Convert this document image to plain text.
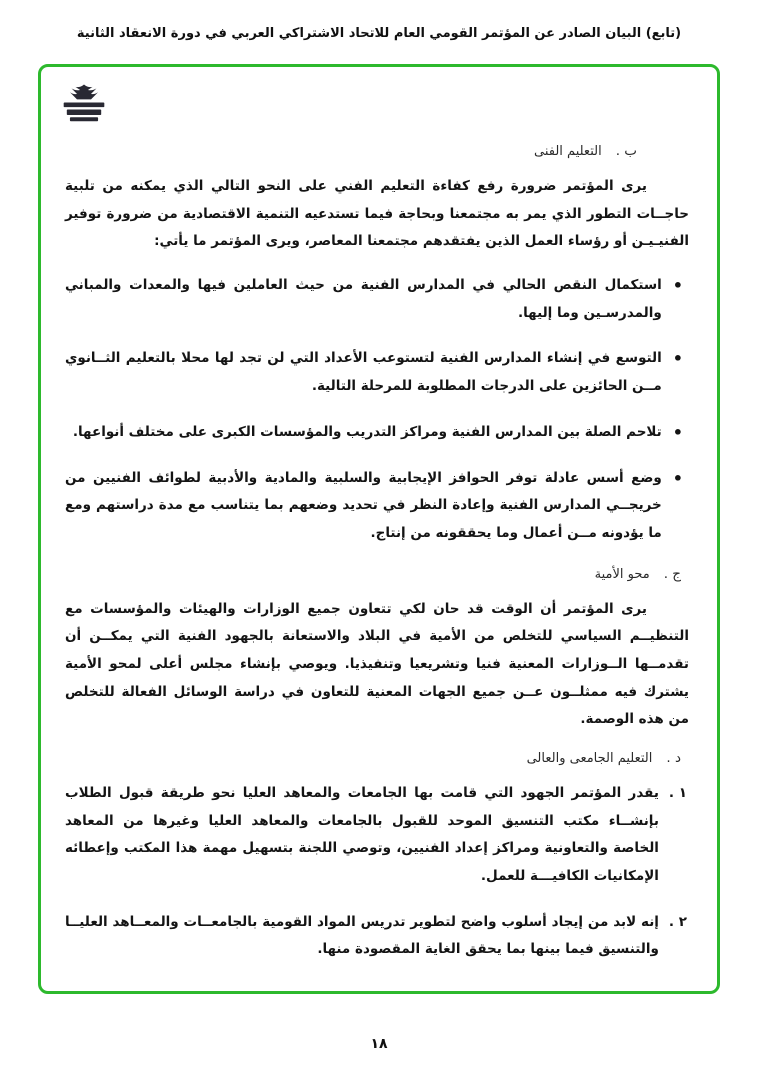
(تابع) البيان الصادر عن المؤتمر القومي العام للاتحاد الاشتراكي العربي في دورة الانعقاد الثانية
ب .
التعليم الفنى

يرى المؤتمر ضرورة رفع كفاءة التعليم الفني على النحو التالي الذي يمكنه من تلبية حاجــات التطور الذي يمر به مجتمعنا وبحاجة فيما تستدعيه التنمية الاقتصادية من ضرورة توفير الفنيـيـن أو رؤساء العمل الذين يفتقدهم مجتمعنا المعاصر، ويرى المؤتمر ما يأتي:

•
استكمال النقص الحالي في المدارس الفنية من حيث العاملين فيها والمعدات والمباني والمدرسـين وما إليها.
•
التوسع في إنشاء المدارس الفنية لتستوعب الأعداد التي لن تجد لها محلا بالتعليم الثــانوي مــن الحائزين على الدرجات المطلوبة للمرحلة التالية.
•
تلاحم الصلة بين المدارس الفنية ومراكز التدريب والمؤسسات الكبرى على مختلف أنواعها.
•
وضع أسس عادلة توفر الحوافز الإيجابية والسلبية والمادية والأدبية لطوائف الفنيين من خريجــي المدارس الفنية وإعادة النظر في تحديد وضعهم بما يتناسب مع مدة دراستهم ومع ما يؤدونه مــن أعمال وما يحققونه من إنتاج.
ج .
محو الأمية

يرى المؤتمر أن الوقت قد حان لكي تتعاون جميع الوزارات والهيئات والمؤسسات مع التنظيــم السياسي للتخلص من الأمية في البلاد والاستعانة بالجهود الفنية التي يمكــن أن تقدمــها الــوزارات المعنية فنيا وتشريعيا وتنفيذيا. ويوصي بإنشاء مجلس أعلى لمحو الأمية يشترك فيه ممثلــون عــن جميع الجهات المعنية للتعاون في دراسة الوسائل الفعالة للتخلص من هذه الوصمة.

د .
التعليم الجامعى والعالى
١ .
يقدر المؤتمر الجهود التي قامت بها الجامعات والمعاهد العليا نحو طريقة قبول الطلاب بإنشــاء مكتب التنسيق الموحد للقبول بالجامعات والمعاهد العليا وغيرها من المعاهد الخاصة والتعاونية ومراكز إعداد الفنيين، وتوصي اللجنة بتسهيل مهمة هذا المكتب وإعطائه الإمكانيات الكافيـــة للعمل.
٢ .
إنه لابد من إيجاد أسلوب واضح لتطوير تدريس المواد القومية بالجامعــات والمعــاهد العليــا والتنسيق فيما بينها بما يحقق الغاية المقصودة منها.
١٨
